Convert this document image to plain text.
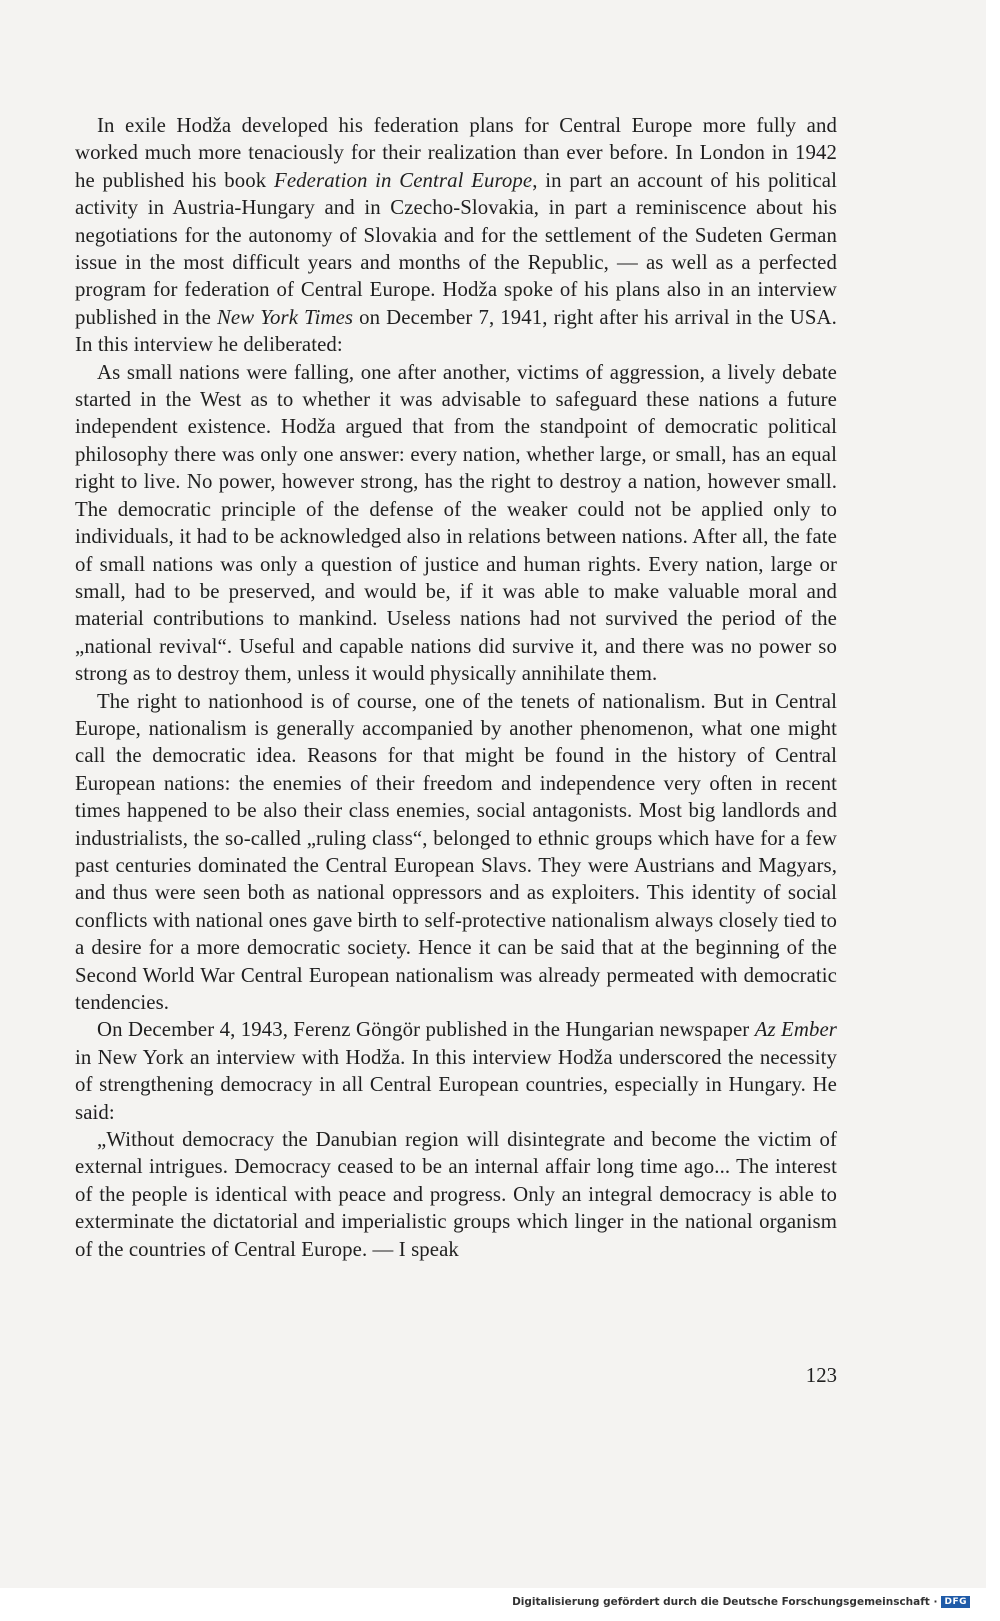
In exile Hodža developed his federation plans for Central Europe more fully and worked much more tenaciously for their realization than ever before. In London in 1942 he published his book Federation in Central Europe, in part an account of his political activity in Austria-Hungary and in Czecho-Slovakia, in part a reminiscence about his negotiations for the autonomy of Slovakia and for the settlement of the Sudeten German issue in the most difficult years and months of the Republic, — as well as a perfected program for federation of Central Europe. Hodža spoke of his plans also in an interview published in the New York Times on December 7, 1941, right after his arrival in the USA. In this interview he deliberated:

As small nations were falling, one after another, victims of aggression, a lively debate started in the West as to whether it was advisable to safeguard these nations a future independent existence. Hodža argued that from the standpoint of democratic political philosophy there was only one answer: every nation, whether large, or small, has an equal right to live. No power, however strong, has the right to destroy a nation, however small. The democratic principle of the defense of the weaker could not be applied only to individuals, it had to be acknowledged also in relations between nations. After all, the fate of small nations was only a question of justice and human rights. Every nation, large or small, had to be preserved, and would be, if it was able to make valuable moral and material contributions to mankind. Useless nations had not survived the period of the „national revival“. Useful and capable nations did survive it, and there was no power so strong as to destroy them, unless it would physically annihilate them.

The right to nationhood is of course, one of the tenets of nationalism. But in Central Europe, nationalism is generally accompanied by another phenomenon, what one might call the democratic idea. Reasons for that might be found in the history of Central European nations: the enemies of their freedom and independence very often in recent times happened to be also their class enemies, social antagonists. Most big landlords and industrialists, the so-called „ruling class“, belonged to ethnic groups which have for a few past centuries dominated the Central European Slavs. They were Austrians and Magyars, and thus were seen both as national oppressors and as exploiters. This identity of social conflicts with national ones gave birth to self-protective nationalism always closely tied to a desire for a more democratic society. Hence it can be said that at the beginning of the Second World War Central European nationalism was already permeated with democratic tendencies.

On December 4, 1943, Ferenz Göngör published in the Hungarian newspaper Az Ember in New York an interview with Hodža. In this interview Hodža underscored the necessity of strengthening democracy in all Central European countries, especially in Hungary. He said:

„Without democracy the Danubian region will disintegrate and become the victim of external intrigues. Democracy ceased to be an internal affair long time ago... The interest of the people is identical with peace and progress. Only an integral democracy is able to exterminate the dictatorial and imperialistic groups which linger in the national organism of the countries of Central Europe. — I speak

123
Digitalisierung gefördert durch die Deutsche Forschungsgemeinschaft · DFG
